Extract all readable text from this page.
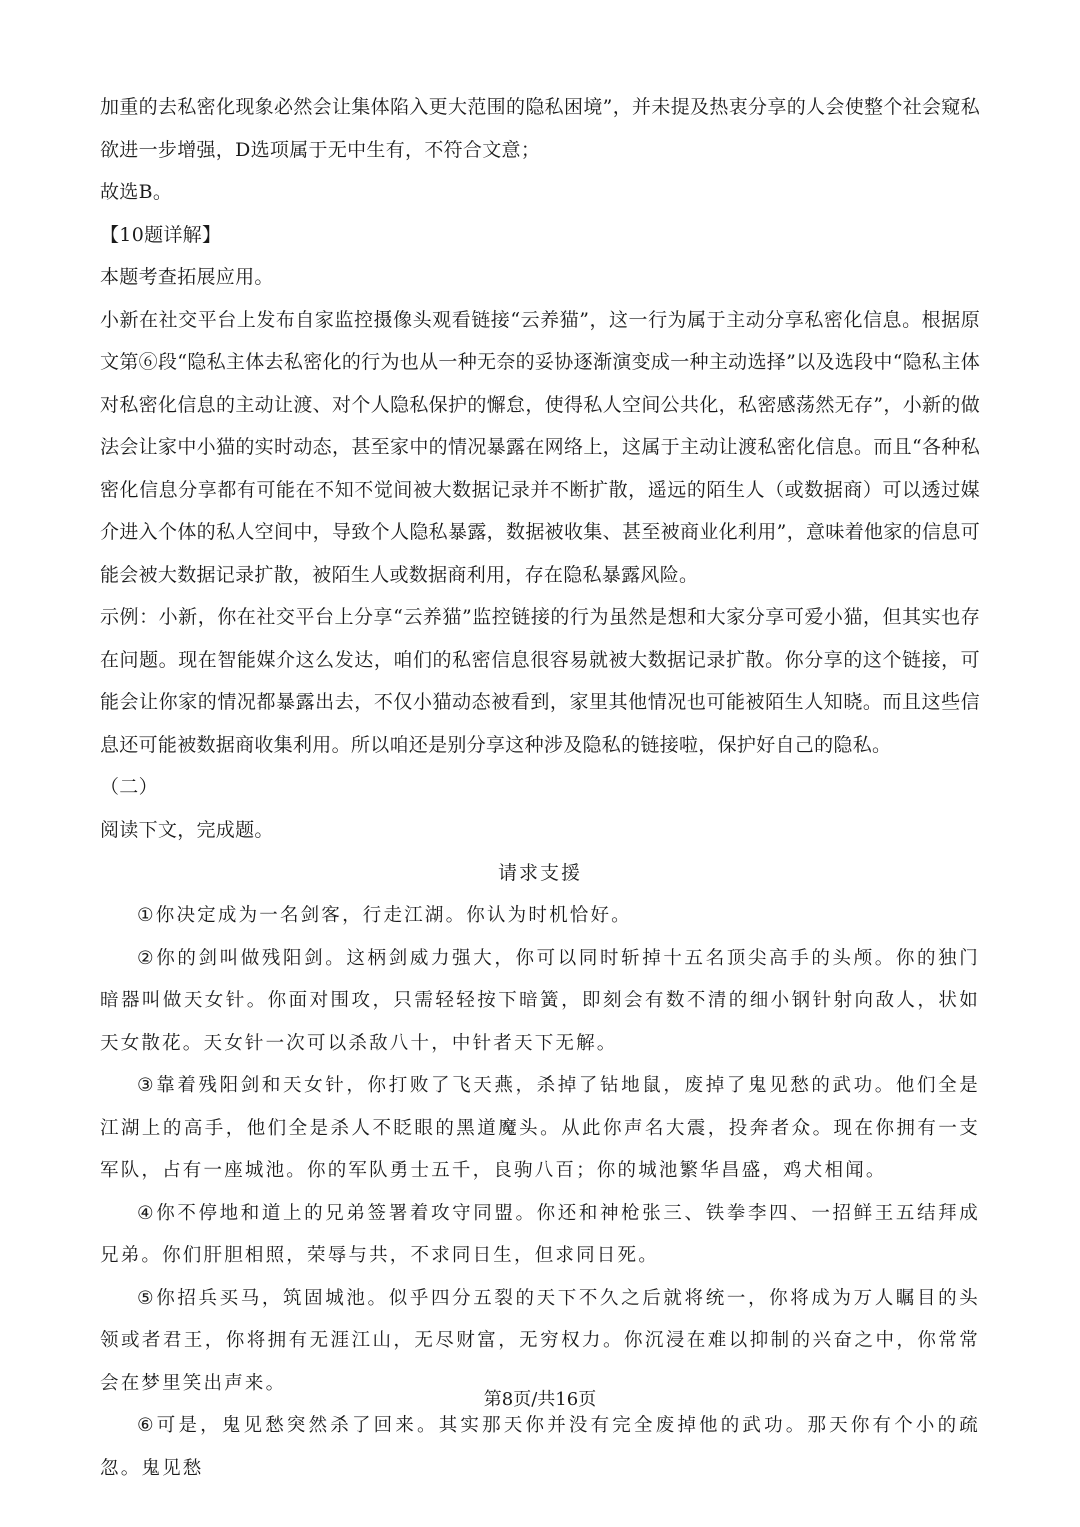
加重的去私密化现象必然会让集体陷入更大范围的隐私困境”，并未提及热衷分享的人会使整个社会窥私欲进一步增强，D选项属于无中生有，不符合文意；

故选B。

【10题详解】

本题考查拓展应用。

小新在社交平台上发布自家监控摄像头观看链接“云养猫”，这一行为属于主动分享私密化信息。根据原文第⑥段“隐私主体去私密化的行为也从一种无奈的妥协逐渐演变成一种主动选择”以及选段中“隐私主体对私密化信息的主动让渡、对个人隐私保护的懈怠，使得私人空间公共化，私密感荡然无存”，小新的做法会让家中小猫的实时动态，甚至家中的情况暴露在网络上，这属于主动让渡私密化信息。而且“各种私密化信息分享都有可能在不知不觉间被大数据记录并不断扩散，遥远的陌生人（或数据商）可以透过媒介进入个体的私人空间中，导致个人隐私暴露，数据被收集、甚至被商业化利用”，意味着他家的信息可能会被大数据记录扩散，被陌生人或数据商利用，存在隐私暴露风险。

示例：小新，你在社交平台上分享“云养猫”监控链接的行为虽然是想和大家分享可爱小猫，但其实也存在问题。现在智能媒介这么发达，咱们的私密信息很容易就被大数据记录扩散。你分享的这个链接，可能会让你家的情况都暴露出去，不仅小猫动态被看到，家里其他情况也可能被陌生人知晓。而且这些信息还可能被数据商收集利用。所以咱还是别分享这种涉及隐私的链接啦，保护好自己的隐私。

（二）

阅读下文，完成题。

请求支援

①你决定成为一名剑客，行走江湖。你认为时机恰好。

②你的剑叫做残阳剑。这柄剑威力强大，你可以同时斩掉十五名顶尖高手的头颅。你的独门暗器叫做天女针。你面对围攻，只需轻轻按下暗簧，即刻会有数不清的细小钢针射向敌人，状如天女散花。天女针一次可以杀敌八十，中针者天下无解。

③靠着残阳剑和天女针，你打败了飞天燕，杀掉了钻地鼠，废掉了鬼见愁的武功。他们全是江湖上的高手，他们全是杀人不眨眼的黑道魔头。从此你声名大震，投奔者众。现在你拥有一支军队，占有一座城池。你的军队勇士五千，良驹八百；你的城池繁华昌盛，鸡犬相闻。

④你不停地和道上的兄弟签署着攻守同盟。你还和神枪张三、铁拳李四、一招鲜王五结拜成兄弟。你们肝胆相照，荣辱与共，不求同日生，但求同日死。

⑤你招兵买马，筑固城池。似乎四分五裂的天下不久之后就将统一，你将成为万人瞩目的头领或者君王，你将拥有无涯江山，无尽财富，无穷权力。你沉浸在难以抑制的兴奋之中，你常常会在梦里笑出声来。

⑥可是，鬼见愁突然杀了回来。其实那天你并没有完全废掉他的武功。那天你有个小的疏忽。鬼见愁

第8页/共16页
